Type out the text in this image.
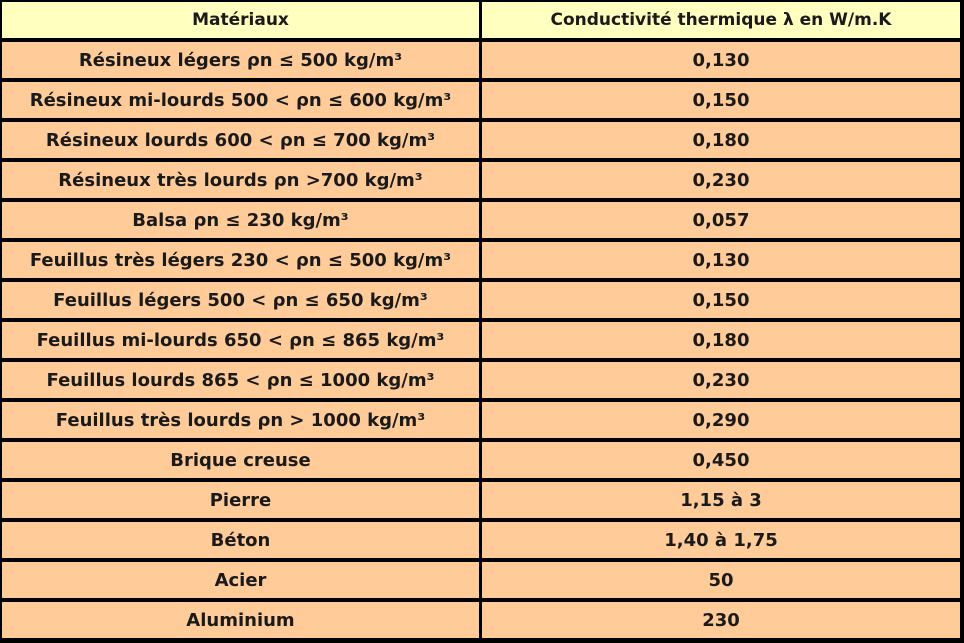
Matériaux	Conductivité thermique λ en W/m.K
Résineux légers ρn ≤ 500 kg/m³	0,130
Résineux mi-lourds 500 < ρn ≤ 600 kg/m³	0,150
Résineux lourds 600 < ρn ≤ 700 kg/m³	0,180
Résineux très lourds ρn >700 kg/m³	0,230
Balsa ρn ≤ 230 kg/m³	0,057
Feuillus très légers 230 < ρn ≤ 500 kg/m³	0,130
Feuillus légers 500 < ρn ≤ 650 kg/m³	0,150
Feuillus mi-lourds 650 < ρn ≤ 865 kg/m³	0,180
Feuillus lourds 865 < ρn ≤ 1000 kg/m³	0,230
Feuillus très lourds ρn > 1000 kg/m³	0,290
Brique creuse	0,450
Pierre	1,15 à 3
Béton	1,40 à 1,75
Acier	50
Aluminium	230
